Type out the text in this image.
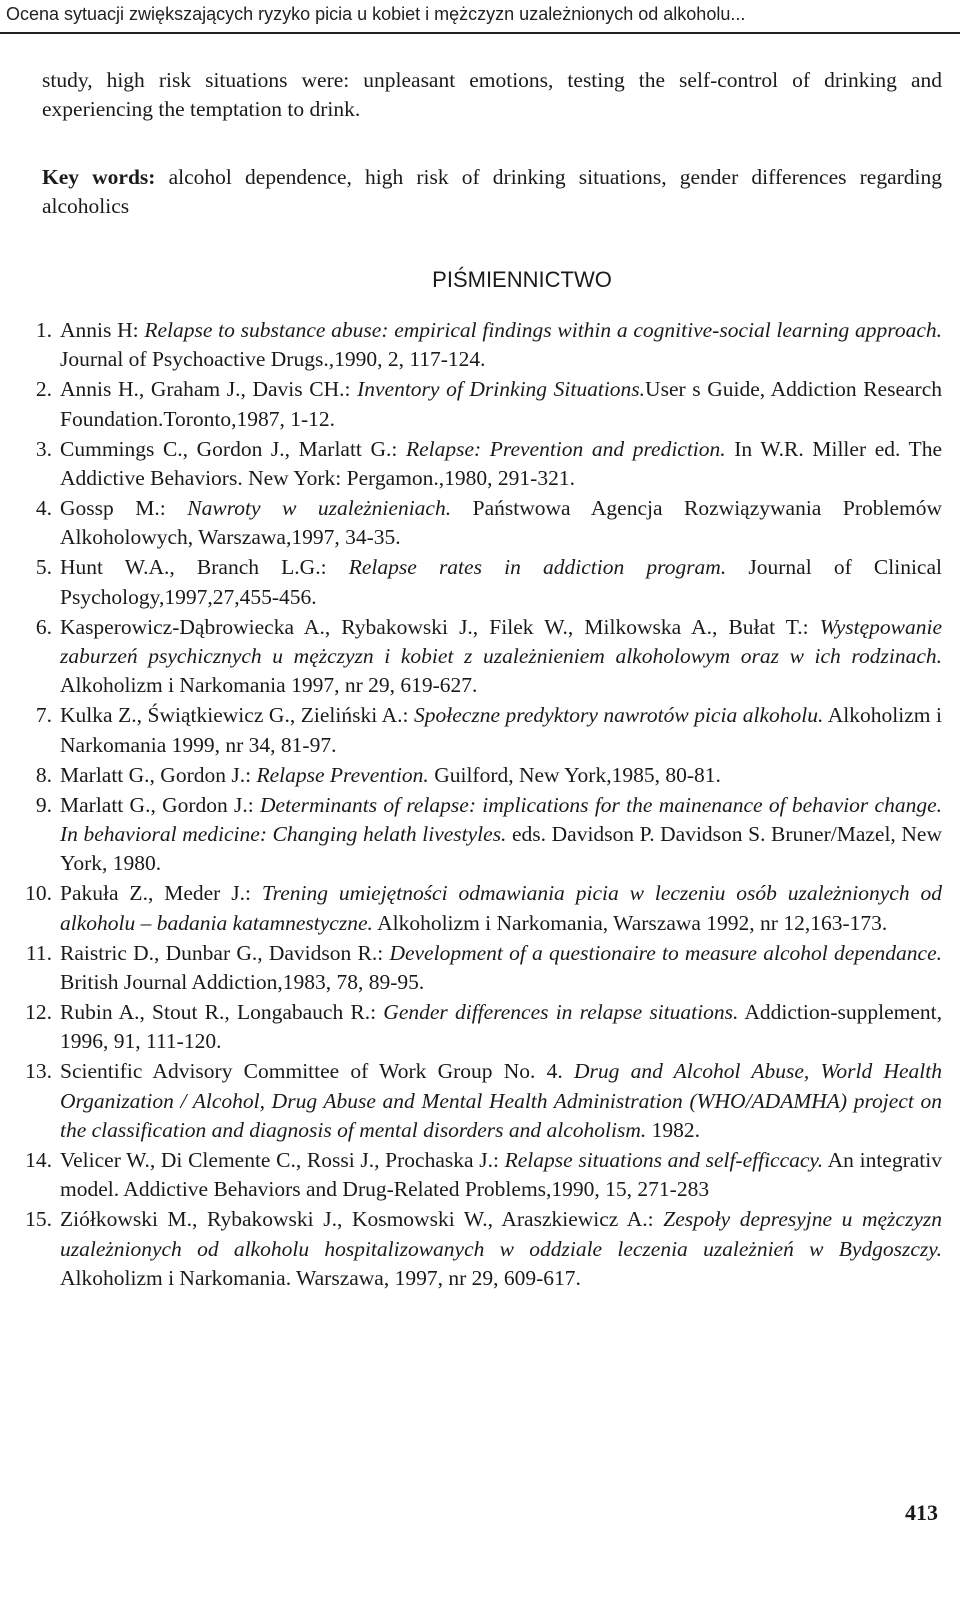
Ocena sytuacji zwiększających ryzyko picia u kobiet i mężczyzn uzależnionych od alkoholu...

study, high risk situations were: unpleasant emotions, testing the self-control of drinking and experiencing the temptation to drink.

Key words: alcohol dependence, high risk of drinking situations, gender differences regarding alcoholics

PIŚMIENNICTWO

1. Annis H: Relapse to substance abuse: empirical findings within a cognitive-social learning approach. Journal of Psychoactive Drugs.,1990, 2, 117-124.
2. Annis H., Graham J., Davis CH.: Inventory of Drinking Situations.User s Guide, Addiction Research Foundation.Toronto,1987, 1-12.
3. Cummings C., Gordon J., Marlatt G.: Relapse: Prevention and prediction. In W.R. Miller ed. The Addictive Behaviors. New York: Pergamon.,1980, 291-321.
4. Gossp M.: Nawroty w uzależnieniach. Państwowa Agencja Rozwiązywania Problemów Alkoholowych, Warszawa,1997, 34-35.
5. Hunt W.A., Branch L.G.: Relapse rates in addiction program. Journal of Clinical Psychology,1997,27,455-456.
6. Kasperowicz-Dąbrowiecka A., Rybakowski J., Filek W., Milkowska A., Bułat T.: Występowanie zaburzeń psychicznych u mężczyzn i kobiet z uzależnieniem alkoholowym oraz w ich rodzinach. Alkoholizm i Narkomania 1997, nr 29, 619-627.
7. Kulka Z., Świątkiewicz G., Zieliński A.: Społeczne predyktory nawrotów picia alkoholu. Alkoholizm i Narkomania 1999, nr 34, 81-97.
8. Marlatt G., Gordon J.: Relapse Prevention. Guilford, New York,1985, 80-81.
9. Marlatt G., Gordon J.: Determinants of relapse: implications for the mainenance of behavior change. In behavioral medicine: Changing helath livestyles. eds. Davidson P. Davidson S. Bruner/Mazel, New York, 1980.
10. Pakuła Z., Meder J.: Trening umiejętności odmawiania picia w leczeniu osób uzależnionych od alkoholu – badania katamnestyczne. Alkoholizm i Narkomania, Warszawa 1992, nr 12,163-173.
11. Raistric D., Dunbar G., Davidson R.: Development of a questionaire to measure alcohol dependance. British Journal Addiction,1983, 78, 89-95.
12. Rubin A., Stout R., Longabauch R.: Gender differences in relapse situations. Addiction-supplement, 1996, 91, 111-120.
13. Scientific Advisory Committee of Work Group No. 4. Drug and Alcohol Abuse, World Health Organization / Alcohol, Drug Abuse and Mental Health Administration (WHO/ADAMHA) project on the classification and diagnosis of mental disorders and alcoholism. 1982.
14. Velicer W., Di Clemente C., Rossi J., Prochaska J.: Relapse situations and self-efficcacy. An integrativ model. Addictive Behaviors and Drug-Related Problems,1990, 15, 271-283
15. Ziółkowski M., Rybakowski J., Kosmowski W., Araszkiewicz A.: Zespoły depresyjne u mężczyzn uzależnionych od alkoholu hospitalizowanych w oddziale leczenia uzależnień w Bydgoszczy. Alkoholizm i Narkomania. Warszawa, 1997, nr 29, 609-617.
413
